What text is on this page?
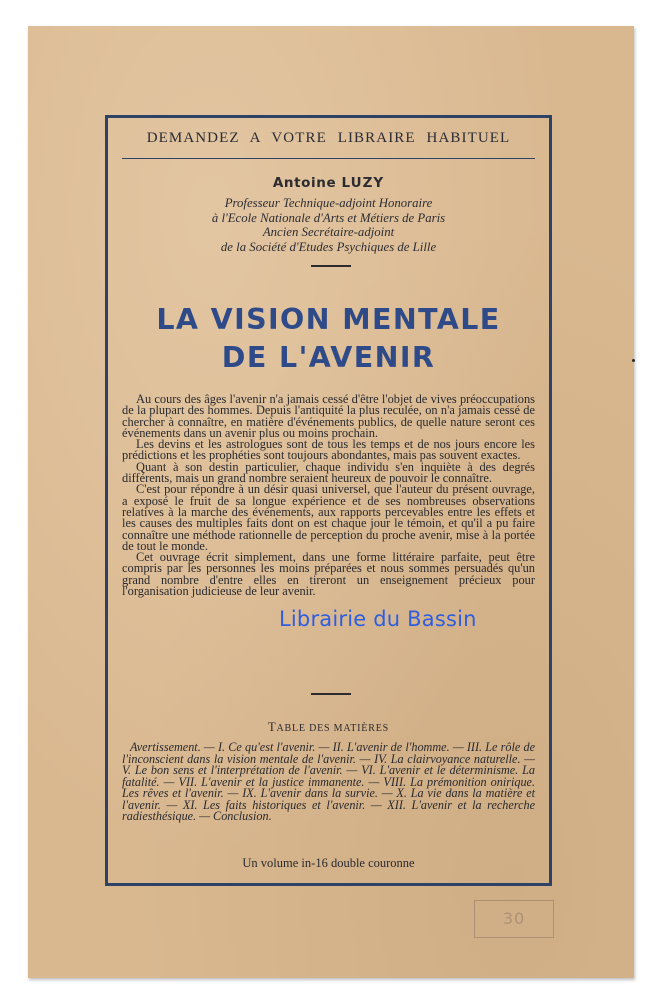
DEMANDEZ A VOTRE LIBRAIRE HABITUEL
Antoine LUZY
Professeur Technique-adjoint Honoraire
à l'Ecole Nationale d'Arts et Métiers de Paris
Ancien Secrétaire-adjoint
de la Société d'Etudes Psychiques de Lille
LA VISION MENTALE
DE L'AVENIR

Au cours des âges l'avenir n'a jamais cessé d'être l'objet de vives préoccupations de la plupart des hommes. Depuis l'antiquité la plus reculée, on n'a jamais cessé de chercher à connaître, en matière d'événements publics, de quelle nature seront ces événements dans un avenir plus ou moins prochain.

Les devins et les astrologues sont de tous les temps et de nos jours encore les prédictions et les prophéties sont toujours abondantes, mais pas souvent exactes.

Quant à son destin particulier, chaque individu s'en inquiète à des degrés différents, mais un grand nombre seraient heureux de pouvoir le connaître.

C'est pour répondre à un désir quasi universel, que l'auteur du présent ouvrage, a exposé le fruit de sa longue expérience et de ses nombreuses observations relatives à la marche des événements, aux rapports percevables entre les effets et les causes des multiples faits dont on est chaque jour le témoin, et qu'il a pu faire connaître une méthode rationnelle de perception du proche avenir, mise à la portée de tout le monde.

Cet ouvrage écrit simplement, dans une forme littéraire parfaite, peut être compris par les personnes les moins préparées et nous sommes persuadés qu'un grand nombre d'entre elles en tireront un enseignement précieux pour l'organisation judicieuse de leur avenir.

TABLE DES MATIÈRES
Avertissement. — I. Ce qu'est l'avenir. — II. L'avenir de l'homme. — III. Le rôle de l'inconscient dans la vision mentale de l'avenir. — IV. La clairvoyance naturelle. — V. Le bon sens et l'interprétation de l'avenir. — VI. L'avenir et le déterminisme. La fatalité. — VII. L'avenir et la justice immanente. — VIII. La prémonition onirique. Les rêves et l'avenir. — IX. L'avenir dans la survie. — X. La vie dans la matière et l'avenir. — XI. Les faits historiques et l'avenir. — XII. L'avenir et la recherche radiesthésique. — Conclusion.
Un volume in-16 double couronne
Librairie du Bassin
30
